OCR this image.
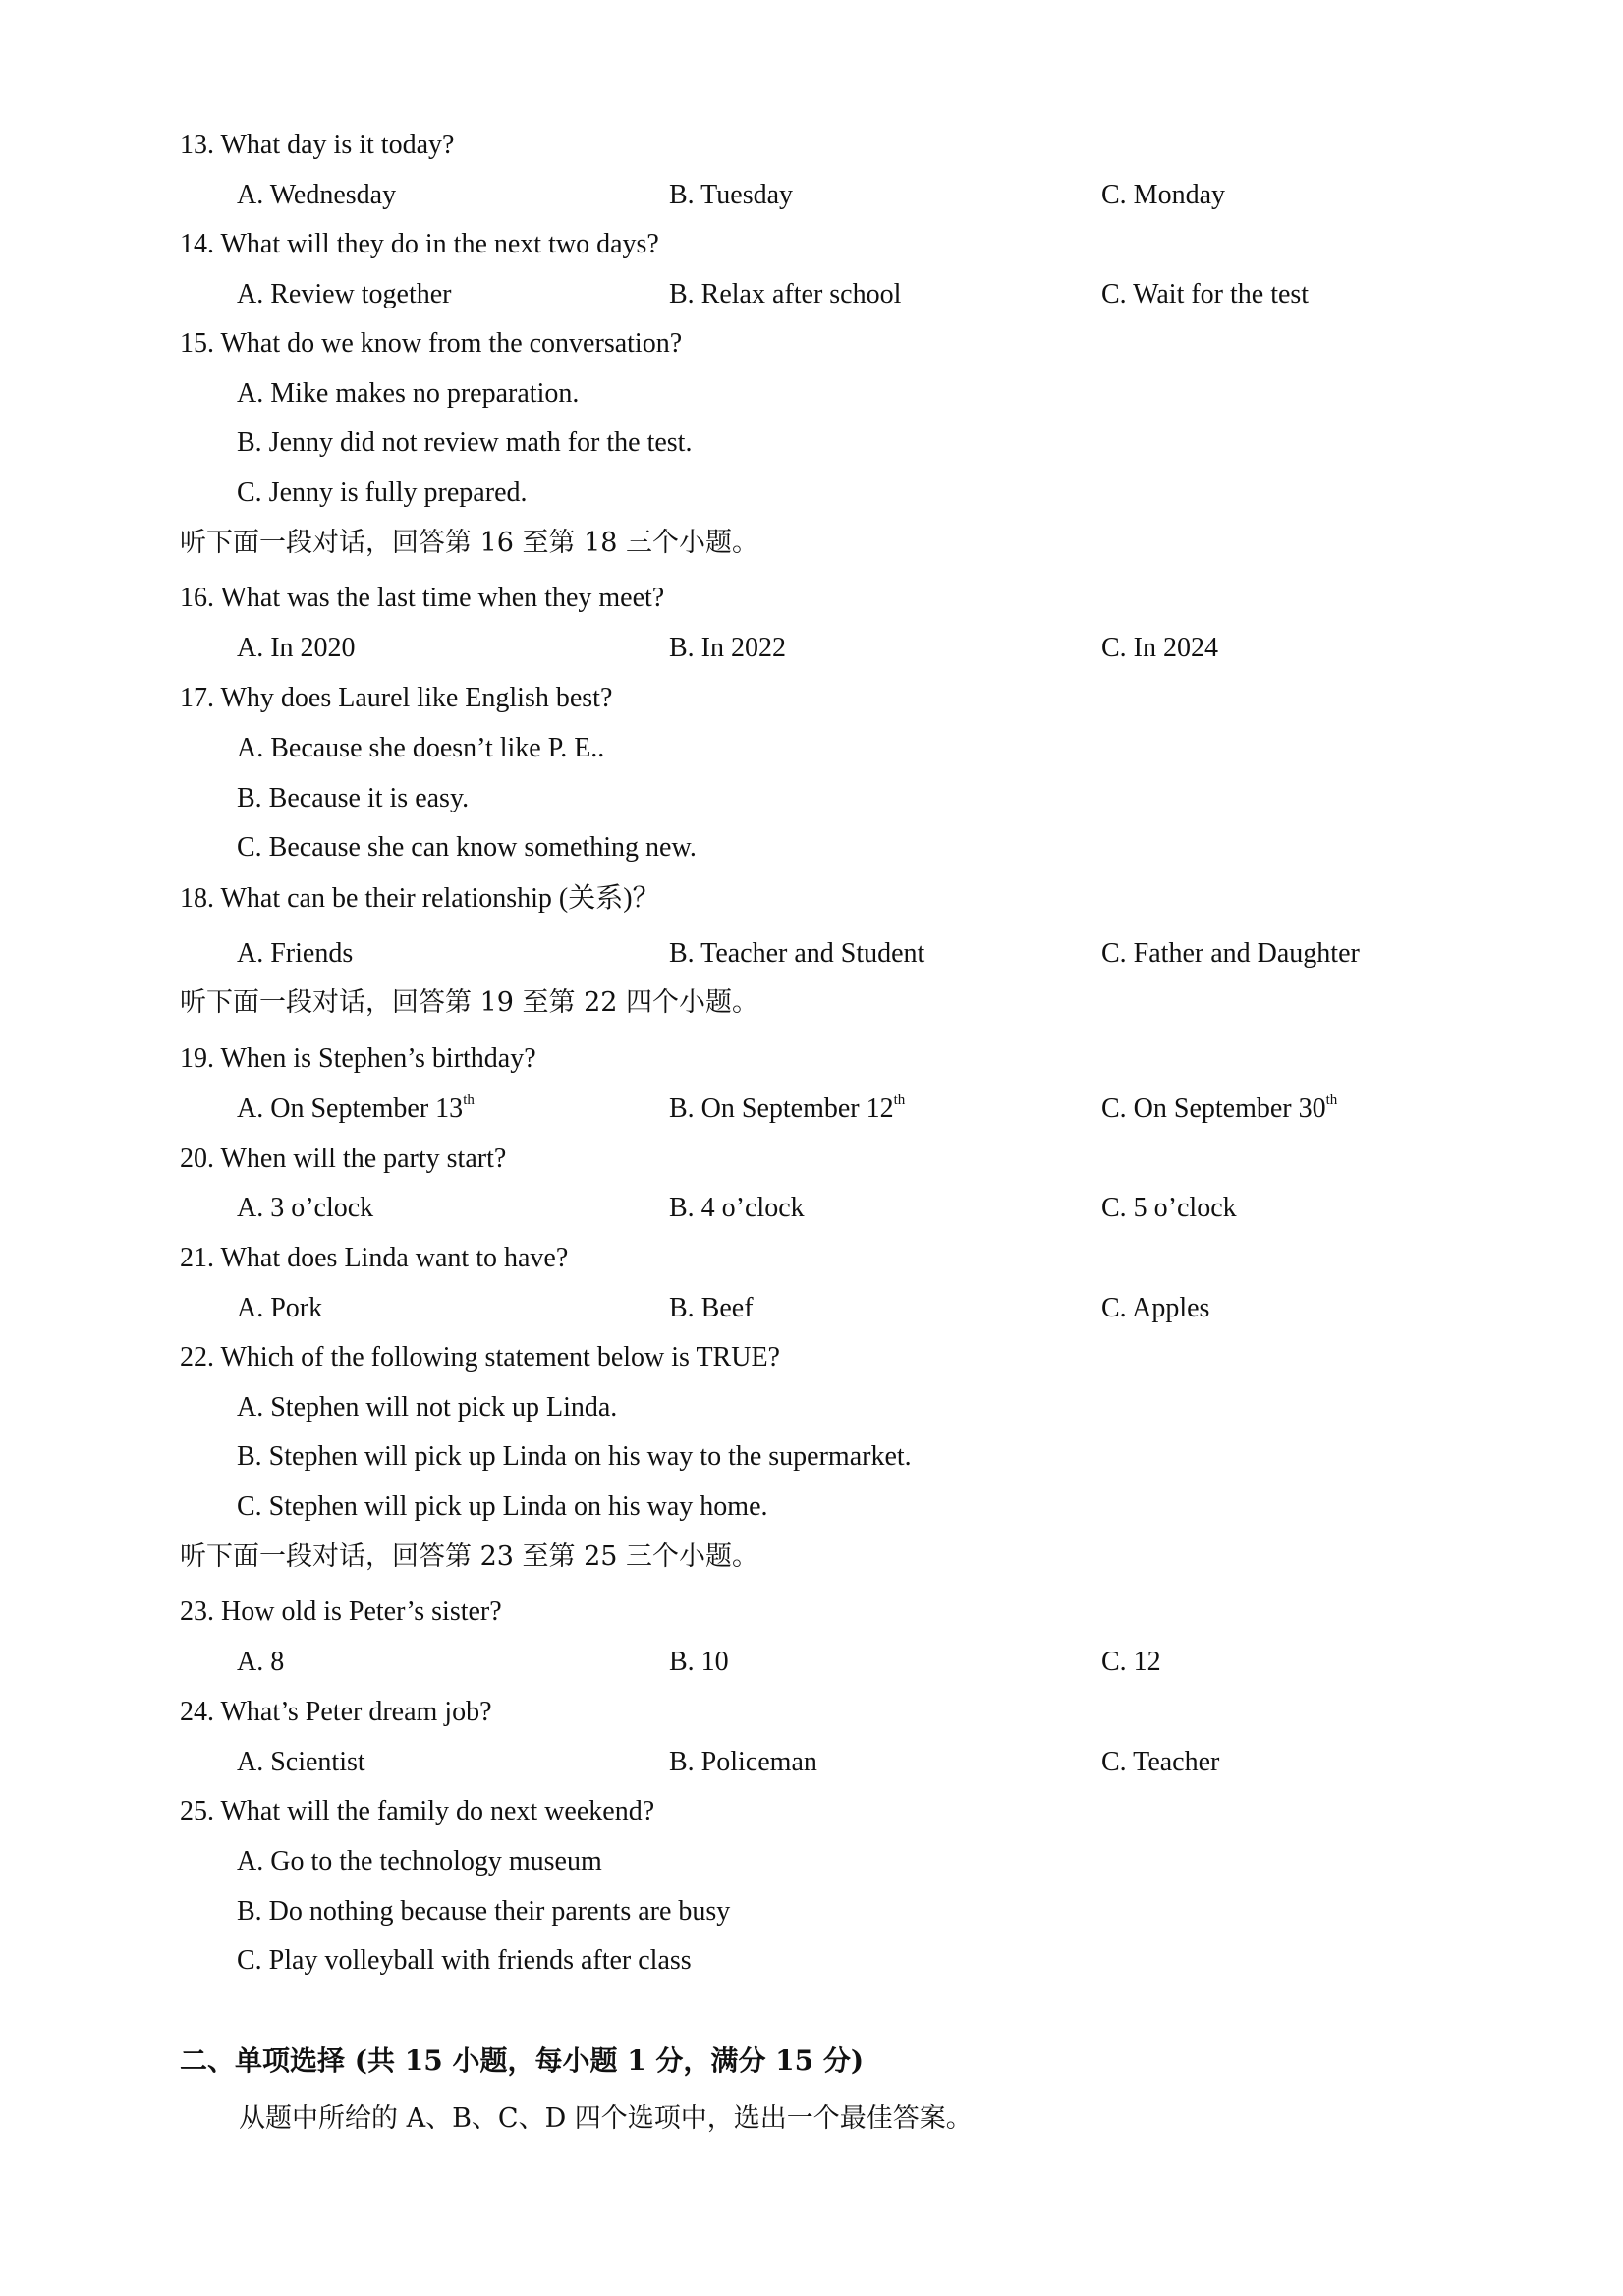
13. What day is it today?
A. Wednesday	B. Tuesday	C. Monday
14. What will they do in the next two days?
A. Review together	B. Relax after school	C. Wait for the test
15. What do we know from the conversation?
A. Mike makes no preparation.
B. Jenny did not review math for the test.
C. Jenny is fully prepared.
听下面一段对话，回答第 16 至第 18 三个小题。
16. What was the last time when they meet?
A. In 2020	B. In 2022	C. In 2024
17. Why does Laurel like English best?
A. Because she doesn’t like P. E..
B. Because it is easy.
C. Because she can know something new.
18. What can be their relationship (关系)？
A. Friends	B. Teacher and Student	C. Father and Daughter
听下面一段对话，回答第 19 至第 22 四个小题。
19. When is Stephen’s birthday?
A. On September 13th	B. On September 12th	C. On September 30th
20. When will the party start?
A. 3 o’clock	B. 4 o’clock	C. 5 o’clock
21. What does Linda want to have?
A. Pork	B. Beef	C. Apples
22. Which of the following statement below is TRUE?
A. Stephen will not pick up Linda.
B. Stephen will pick up Linda on his way to the supermarket.
C. Stephen will pick up Linda on his way home.
听下面一段对话，回答第 23 至第 25 三个小题。
23. How old is Peter’s sister?
A. 8	B. 10	C. 12
24. What’s Peter dream job?
A. Scientist	B. Policeman	C. Teacher
25. What will the family do next weekend?
A. Go to the technology museum
B. Do nothing because their parents are busy
C. Play volleyball with friends after class
二、单项选择 (共 15 小题，每小题 1 分，满分 15 分)
从题中所给的 A、B、C、D 四个选项中，选出一个最佳答案。
